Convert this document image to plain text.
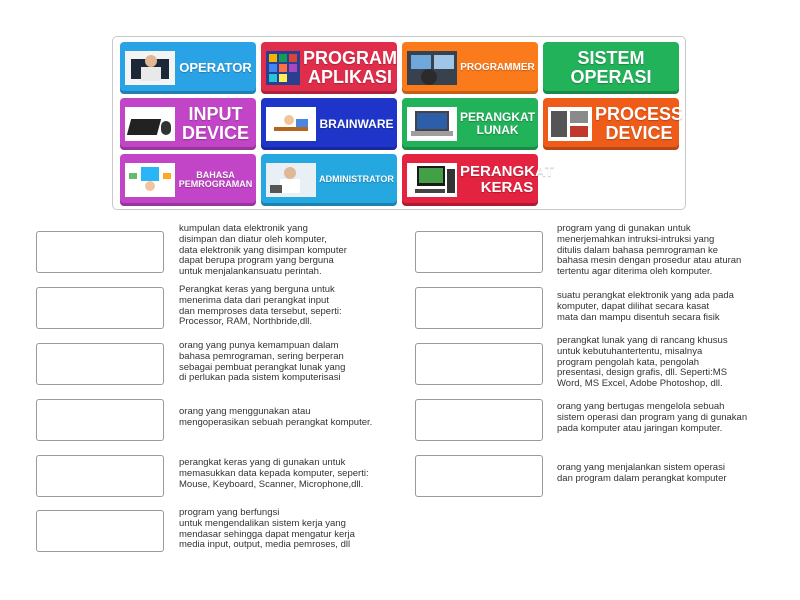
OPERATOR	PROGRAM
APLIKASI	PROGRAMMER	SISTEM
OPERASI
INPUT
DEVICE	BRAINWARE	PERANGKAT
LUNAK
PROCESS
DEVICE
BAHASA
PEMROGRAMAN	ADMINISTRATOR	PERANGKAT
KERAS
kumpulan data elektronik yang
disimpan dan diatur oleh komputer,
data elektronik yang disimpan komputer
dapat berupa program yang berguna
untuk menjalankansuatu perintah.
Perangkat keras yang berguna untuk
menerima data dari perangkat input
dan memproses data tersebut, seperti:
Processor, RAM, Northbride,dll.
orang yang punya kemampuan dalam
bahasa pemrograman, sering berperan
sebagai pembuat perangkat lunak yang
di perlukan pada sistem komputerisasi
orang yang menggunakan atau
mengoperasikan sebuah perangkat komputer.
perangkat keras yang di gunakan untuk
memasukkan data kepada komputer, seperti:
Mouse, Keyboard, Scanner, Microphone,dll.
program yang berfungsi
untuk mengendalikan sistem kerja yang
mendasar sehingga dapat mengatur kerja
media input, output, media pemroses, dll
program yang di gunakan untuk
menerjemahkan intruksi-intruksi yang
ditulis dalam bahasa pemrograman ke
bahasa mesin dengan prosedur atau aturan
tertentu agar diterima oleh komputer.
suatu perangkat elektronik yang ada pada
komputer, dapat dilihat secara kasat
mata dan mampu disentuh secara fisik
perangkat lunak yang di rancang khusus
untuk kebutuhantertentu, misalnya
program pengolah kata, pengolah
presentasi, design grafis, dll. Seperti:MS
Word, MS Excel, Adobe Photoshop, dll.
orang yang bertugas mengelola sebuah
sistem operasi dan program yang di gunakan
pada komputer atau jaringan komputer.
orang yang menjalankan sistem operasi
dan program dalam perangkat komputer
